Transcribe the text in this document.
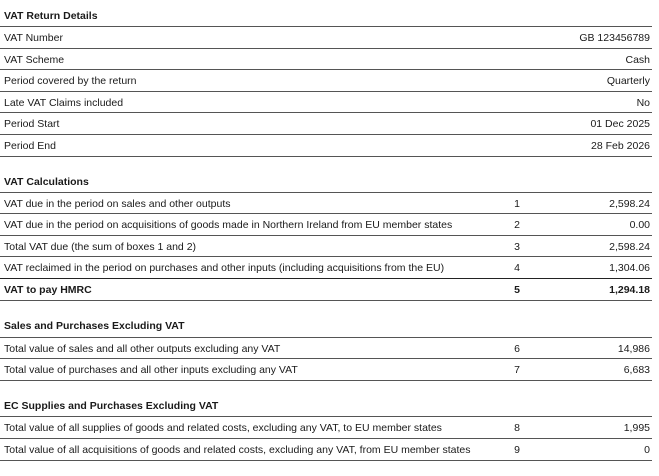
VAT Return Details
VAT Number	GB 123456789
VAT Scheme	Cash
Period covered by the return	Quarterly
Late VAT Claims included	No
Period Start	01 Dec 2025
Period End	28 Feb 2026
VAT Calculations
VAT due in the period on sales and other outputs	1	2,598.24
VAT due in the period on acquisitions of goods made in Northern Ireland from EU member states	2	0.00
Total VAT due (the sum of boxes 1 and 2)	3	2,598.24
VAT reclaimed in the period on purchases and other inputs (including acquisitions from the EU)	4	1,304.06
VAT to pay HMRC	5	1,294.18
Sales and Purchases Excluding VAT
Total value of sales and all other outputs excluding any VAT	6	14,986
Total value of purchases and all other inputs excluding any VAT	7	6,683
EC Supplies and Purchases Excluding VAT
Total value of all supplies of goods and related costs, excluding any VAT, to EU member states	8	1,995
Total value of all acquisitions of goods and related costs, excluding any VAT, from EU member states	9	0
